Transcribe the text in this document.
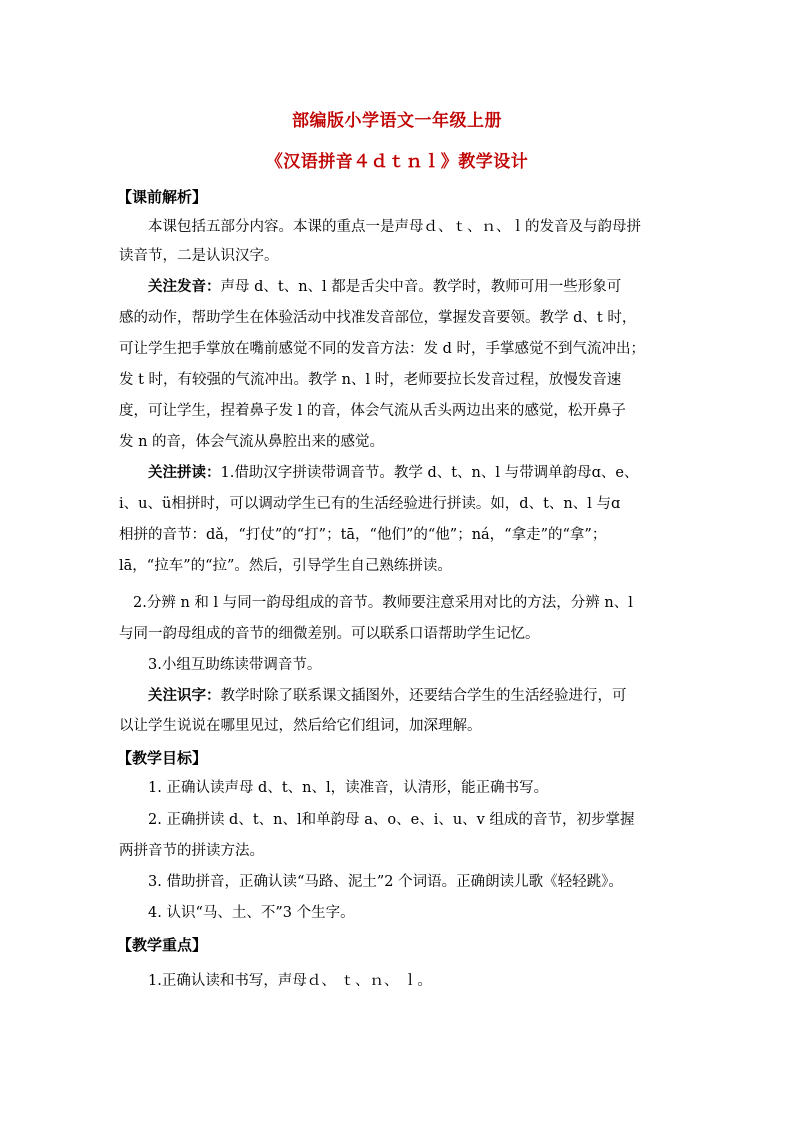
部编版小学语文一年级上册
《汉语拼音４ｄｔｎｌ》教学设计
【课前解析】
本课包括五部分内容。本课的重点一是声母ｄ、ｔ、ｎ、ｌ的发音及与韵母拼
读音节，二是认识汉字。
关注发音：声母 d、t、n、l 都是舌尖中音。教学时，教师可用一些形象可
感的动作，帮助学生在体验活动中找准发音部位，掌握发音要领。教学 d、t 时，
可让学生把手掌放在嘴前感觉不同的发音方法：发 d 时，手掌感觉不到气流冲出；
发 t 时，有较强的气流冲出。教学 n、l 时，老师要拉长发音过程，放慢发音速
度，可让学生，捏着鼻子发 l 的音，体会气流从舌头两边出来的感觉，松开鼻子
发 n 的音，体会气流从鼻腔出来的感觉。
关注拼读：1.借助汉字拼读带调音节。教学 d、t、n、l 与带调单韵母ɑ、e、
i、u、ü相拼时，可以调动学生已有的生活经验进行拼读。如，d、t、n、l 与ɑ
相拼的音节：dǎ，“打仗”的“打”；tā，“他们”的“他”；ná，“拿走”的“拿”；
lā，“拉车”的“拉”。然后，引导学生自己熟练拼读。
2.分辨 n 和 l 与同一韵母组成的音节。教师要注意采用对比的方法，分辨 n、l
与同一韵母组成的音节的细微差别。可以联系口语帮助学生记忆。
3.小组互助练读带调音节。
关注识字：教学时除了联系课文插图外，还要结合学生的生活经验进行，可
以让学生说说在哪里见过，然后给它们组词，加深理解。
【教学目标】
1. 正确认读声母 d、t、n、l，读准音，认清形，能正确书写。
2. 正确拼读 d、t、n、l和单韵母 a、o、e、i、u、v 组成的音节，初步掌握
两拼音节的拼读方法。
3. 借助拼音，正确认读“马路、泥土”2 个词语。正确朗读儿歌《轻轻跳》。
4. 认识“马、土、不”3 个生字。
【教学重点】
1.正确认读和书写，声母ｄ、 ｔ、ｎ、 ｌ。
